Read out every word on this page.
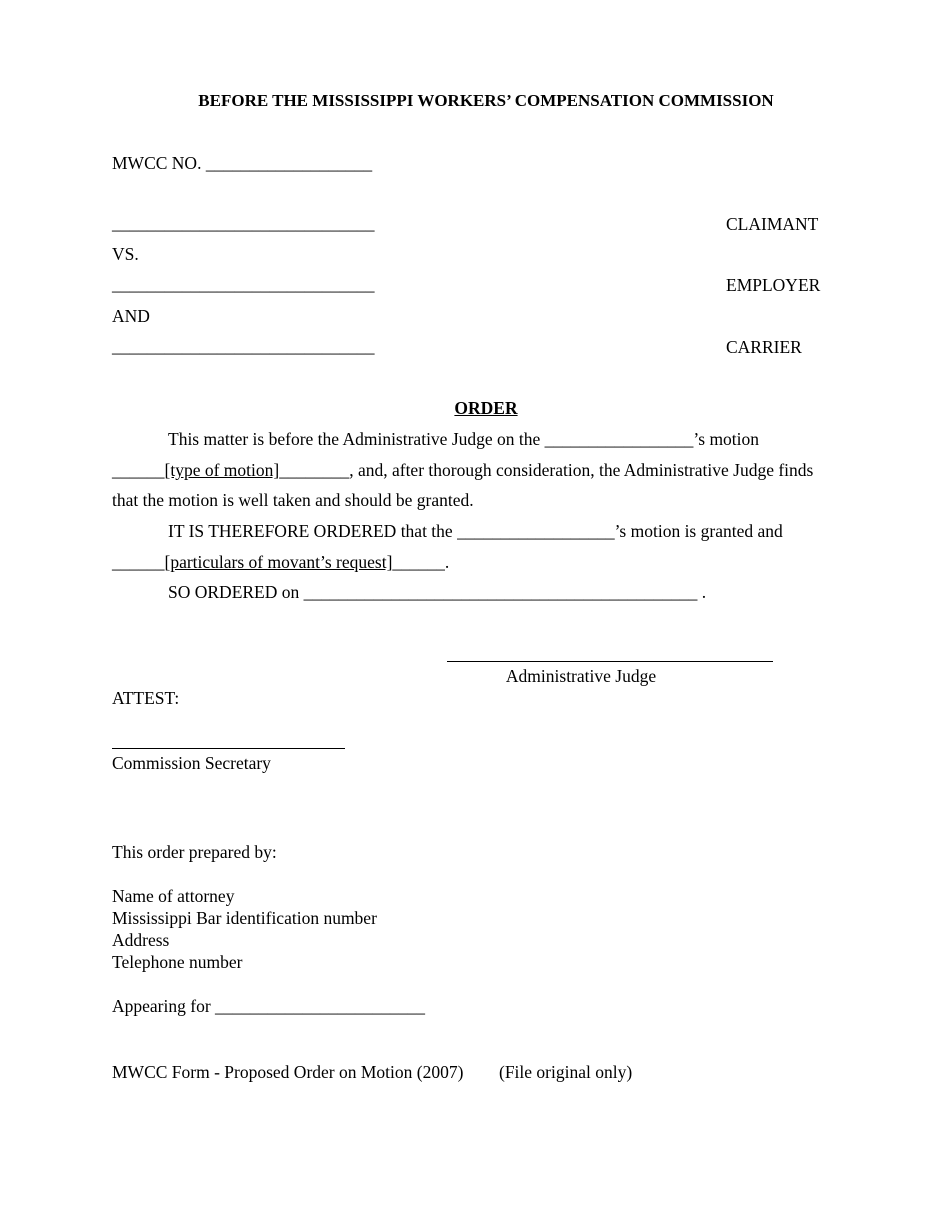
BEFORE THE MISSISSIPPI WORKERS’ COMPENSATION COMMISSION
MWCC NO. ___________________
______________________________	CLAIMANT
VS.
______________________________	EMPLOYER
AND
______________________________	CARRIER
ORDER
This matter is before the Administrative Judge on the _________________’s motion
______[type of motion]________, and, after thorough consideration, the Administrative Judge finds
that the motion is well taken and should be granted.
IT IS THEREFORE ORDERED that the __________________’s motion is granted and
______[particulars of movant’s request]______.
SO ORDERED on _____________________________________________ .
Administrative Judge
ATTEST:
Commission Secretary
This order prepared by:
Name of attorney
Mississippi Bar identification number
Address
Telephone number
Appearing for ________________________
MWCC Form - Proposed Order on Motion (2007) (File original only)
